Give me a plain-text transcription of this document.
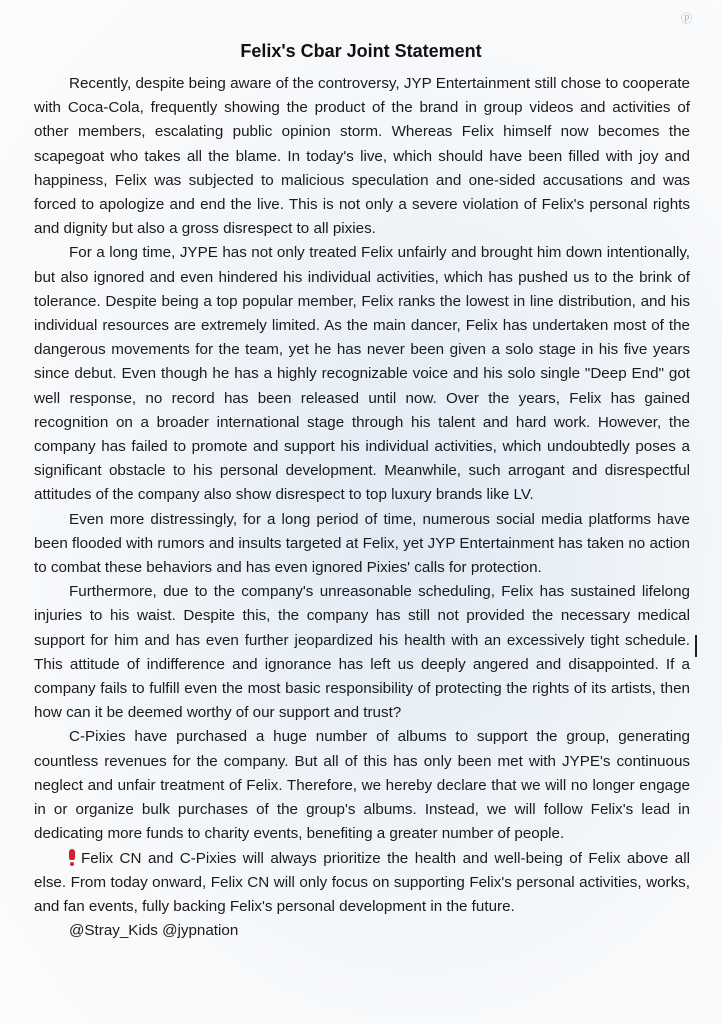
ⓟ
Felix's Cbar Joint Statement

Recently, despite being aware of the controversy, JYP Entertainment still chose to cooperate with Coca-Cola, frequently showing the product of the brand in group videos and activities of other members, escalating public opinion storm. Whereas Felix himself now becomes the scapegoat who takes all the blame. In today's live, which should have been filled with joy and happiness, Felix was subjected to malicious speculation and one-sided accusations and was forced to apologize and end the live. This is not only a severe violation of Felix's personal rights and dignity but also a gross disrespect to all pixies.

For a long time, JYPE has not only treated Felix unfairly and brought him down intentionally, but also ignored and even hindered his individual activities, which has pushed us to the brink of tolerance. Despite being a top popular member, Felix ranks the lowest in line distribution, and his individual resources are extremely limited. As the main dancer, Felix has undertaken most of the dangerous movements for the team, yet he has never been given a solo stage in his five years since debut. Even though he has a highly recognizable voice and his solo single "Deep End" got well response, no record has been released until now. Over the years, Felix has gained recognition on a broader international stage through his talent and hard work. However, the company has failed to promote and support his individual activities, which undoubtedly poses a significant obstacle to his personal development. Meanwhile, such arrogant and disrespectful attitudes of the company also show disrespect to top luxury brands like LV.

Even more distressingly, for a long period of time, numerous social media platforms have been flooded with rumors and insults targeted at Felix, yet JYP Entertainment has taken no action to combat these behaviors and has even ignored Pixies' calls for protection.

Furthermore, due to the company's unreasonable scheduling, Felix has sustained lifelong injuries to his waist. Despite this, the company has still not provided the necessary medical support for him and has even further jeopardized his health with an excessively tight schedule. This attitude of indifference and ignorance has left us deeply angered and disappointed. If a company fails to fulfill even the most basic responsibility of protecting the rights of its artists, then how can it be deemed worthy of our support and trust?

C-Pixies have purchased a huge number of albums to support the group, generating countless revenues for the company. But all of this has only been met with JYPE's continuous neglect and unfair treatment of Felix. Therefore, we hereby declare that we will no longer engage in or organize bulk purchases of the group's albums. Instead, we will follow Felix's lead in dedicating more funds to charity events, benefiting a greater number of people.

Felix CN and C-Pixies will always prioritize the health and well-being of Felix above all else. From today onward, Felix CN will only focus on supporting Felix's personal activities, works, and fan events, fully backing Felix's personal development in the future.

@Stray_Kids @jypnation
